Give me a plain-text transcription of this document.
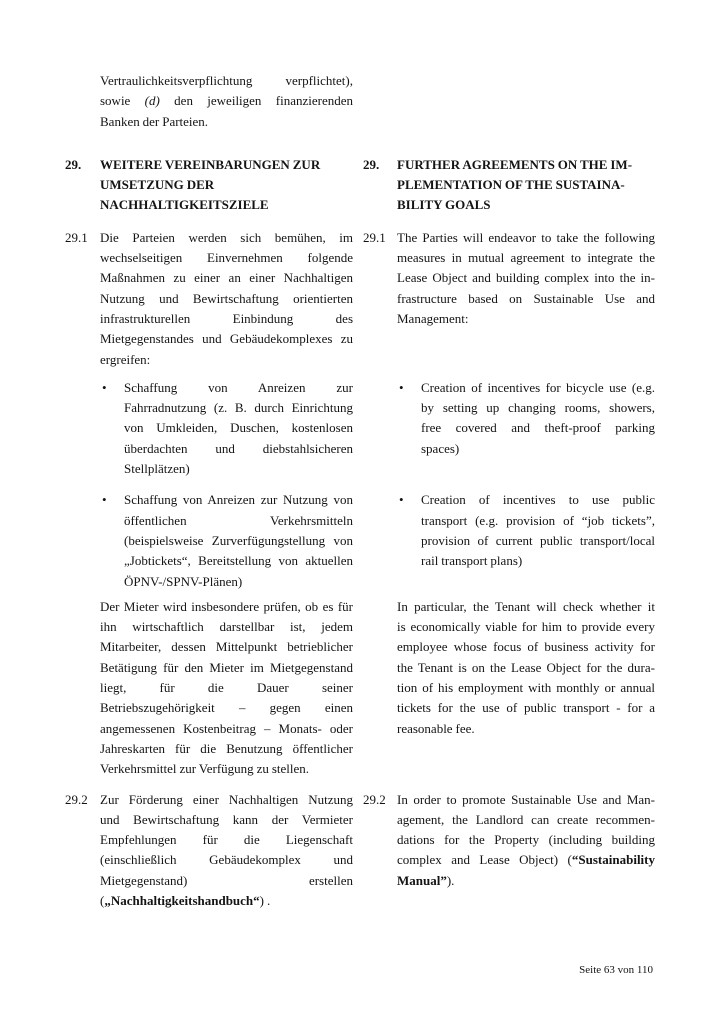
Vertraulichkeitsverpflichtung verpflichtet),
sowie (d) den jeweiligen finanzierenden
Banken der Parteien.
29.	WEITERE VEREINBARUNGEN ZUR
UMSETZUNG DER
NACHHALTIGKEITSZIELE
29.	FURTHER AGREEMENTS ON THE IM-
PLEMENTATION OF THE SUSTAINA-
BILITY GOALS
29.1 Die Parteien werden sich bemühen, im
wechselseitigen Einvernehmen folgende
Maßnahmen zu einer an einer Nachhaltigen
Nutzung und Bewirtschaftung orientierten
infrastrukturellen Einbindung des
Mietgegenstandes und Gebäudekomplexes zu
ergreifen:
29.1 The Parties will endeavor to take the following
measures in mutual agreement to integrate the
Lease Object and building complex into the in-
frastructure based on Sustainable Use and
Management:
• Schaffung von Anreizen zur
Fahrradnutzung (z. B. durch Einrichtung
von Umkleiden, Duschen, kostenlosen
überdachten und diebstahlsicheren
Stellplätzen)
• Creation of incentives for bicycle use (e.g.
by setting up changing rooms, showers,
free covered and theft-proof parking
spaces)
• Schaffung von Anreizen zur Nutzung von
öffentlichen Verkehrsmitteln
(beispielsweise Zurverfügungstellung von
„Jobtickets“, Bereitstellung von aktuellen
ÖPNV-/SPNV-Plänen)
• Creation of incentives to use public
transport (e.g. provision of “job tickets”,
provision of current public transport/local
rail transport plans)
Der Mieter wird insbesondere prüfen, ob es für
ihn wirtschaftlich darstellbar ist, jedem
Mitarbeiter, dessen Mittelpunkt betrieblicher
Betätigung für den Mieter im Mietgegenstand
liegt, für die Dauer seiner
Betriebszugehörigkeit – gegen einen
angemessenen Kostenbeitrag – Monats- oder
Jahreskarten für die Benutzung öffentlicher
Verkehrsmittel zur Verfügung zu stellen.
In particular, the Tenant will check whether it
is economically viable for him to provide every
employee whose focus of business activity for
the Tenant is on the Lease Object for the dura-
tion of his employment with monthly or annual
tickets for the use of public transport - for a
reasonable fee.
29.2 Zur Förderung einer Nachhaltigen Nutzung
und Bewirtschaftung kann der Vermieter
Empfehlungen für die Liegenschaft
(einschließlich Gebäudekomplex und
Mietgegenstand) erstellen
(„Nachhaltigkeitshandbuch“) .
29.2 In order to promote Sustainable Use and Man-
agement, the Landlord can create recommen-
dations for the Property (including building
complex and Lease Object) (“Sustainability
Manual”).
Seite 63 von 110
